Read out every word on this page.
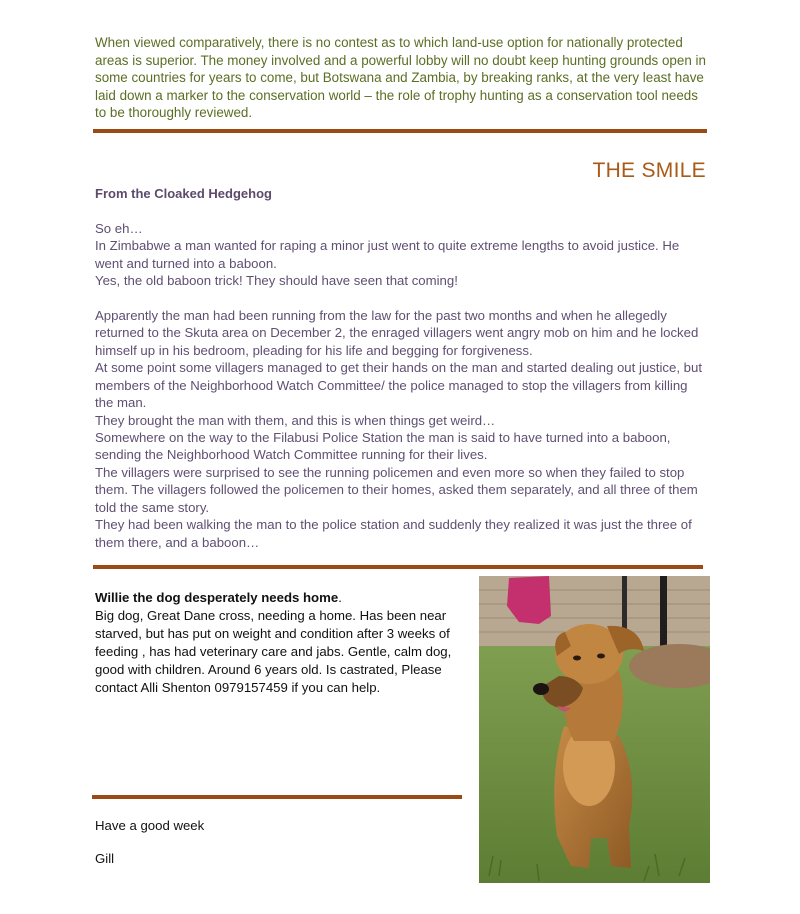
When viewed comparatively, there is no contest as to which land-use option for nationally protected
areas is superior. The money involved and a powerful lobby will no doubt keep hunting grounds open in
some countries for years to come, but Botswana and Zambia, by breaking ranks, at the very least have
laid down a marker to the conservation world – the role of trophy hunting as a conservation tool needs
to be thoroughly reviewed.
THE SMILE
From the Cloaked Hedgehog

So eh…

In Zimbabwe a man wanted for raping a minor just went to quite extreme lengths to avoid justice. He went and turned into a baboon.

Yes, the old baboon trick! They should have seen that coming!

Apparently the man had been running from the law for the past two months and when he allegedly returned to the Skuta area on December 2, the enraged villagers went angry mob on him and he locked himself up in his bedroom, pleading for his life and begging for forgiveness.

At some point some villagers managed to get their hands on the man and started dealing out justice, but members of the Neighborhood Watch Committee/ the police managed to stop the villagers from killing the man.

They brought the man with them, and this is when things get weird…

Somewhere on the way to the Filabusi Police Station the man is said to have turned into a baboon, sending the Neighborhood Watch Committee running for their lives.

The villagers were surprised to see the running policemen and even more so when they failed to stop them. The villagers followed the policemen to their homes, asked them separately, and all three of them told the same story.

They had been walking the man to the police station and suddenly they realized it was just the three of them there, and a baboon…

Willie the dog desperately needs home.
Big dog, Great Dane cross, needing a home. Has been near starved, but has put on weight and condition after 3 weeks of feeding , has had veterinary care and jabs. Gentle, calm dog, good with children. Around 6 years old. Is castrated, Please contact Alli Shenton 0979157459 if you can help.
Have a good week
Gill
